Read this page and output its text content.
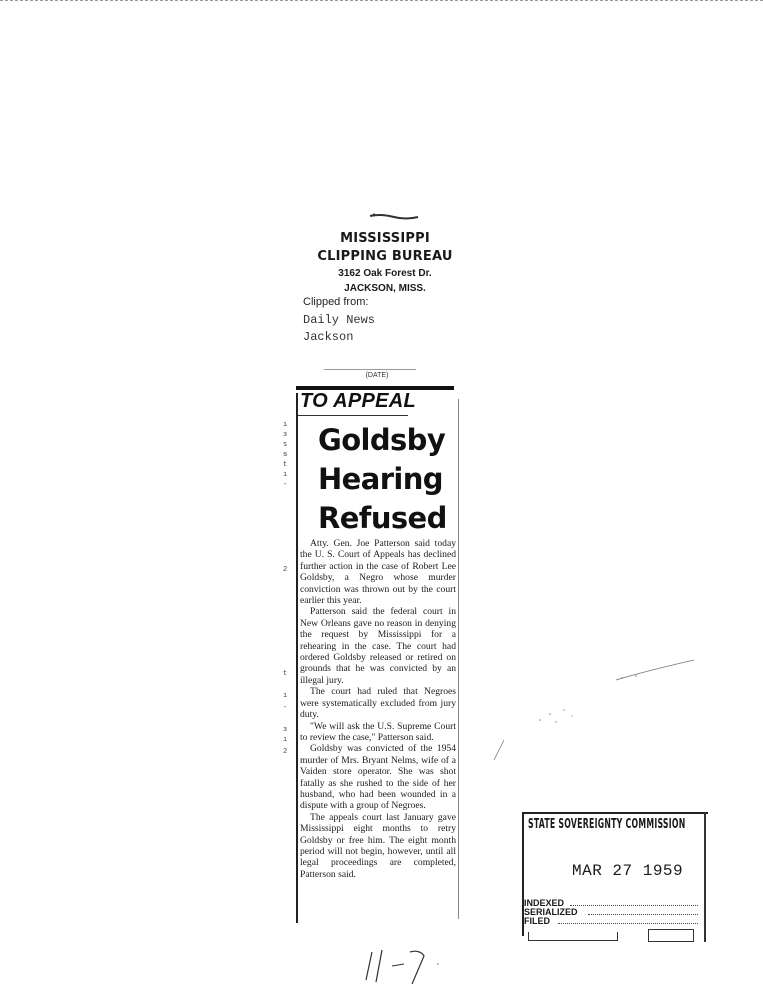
MISSISSIPPI
CLIPPING BUREAU
3162 Oak Forest Dr.
JACKSON, MISS.
Clipped from:
Daily News
Jackson
(DATE)
TO APPEAL
Goldsby
Hearing
Refused

Atty. Gen. Joe Patterson said today the U. S. Court of Appeals has declined further action in the case of Robert Lee Goldsby, a Negro whose murder conviction was thrown out by the court earlier this year.

Patterson said the federal court in New Orleans gave no reason in denying the request by Mississippi for a rehearing in the case. The court had ordered Goldsby released or retired on grounds that he was convicted by an illegal jury.

The court had ruled that Negroes were systematically excluded from jury duty.

"We will ask the U.S. Supreme Court to review the case," Patterson said.

Goldsby was convicted of the 1954 murder of Mrs. Bryant Nelms, wife of a Vaiden store operator. She was shot fatally as she rushed to the side of her husband, who had been wounded in a dispute with a group of Negroes.

The appeals court last January gave Mississippi eight months to retry Goldsby or free him. The eight month period will not begin, however, until all legal proceedings are completed, Patterson said.

ı
з
s
ᵴ
t
ı
-
2
t
ı
-
ɜ
ı
2
STATE SOVEREIGNTY COMMISSION
MAR 27 1959
INDEXED
SERIALIZED
FILED
